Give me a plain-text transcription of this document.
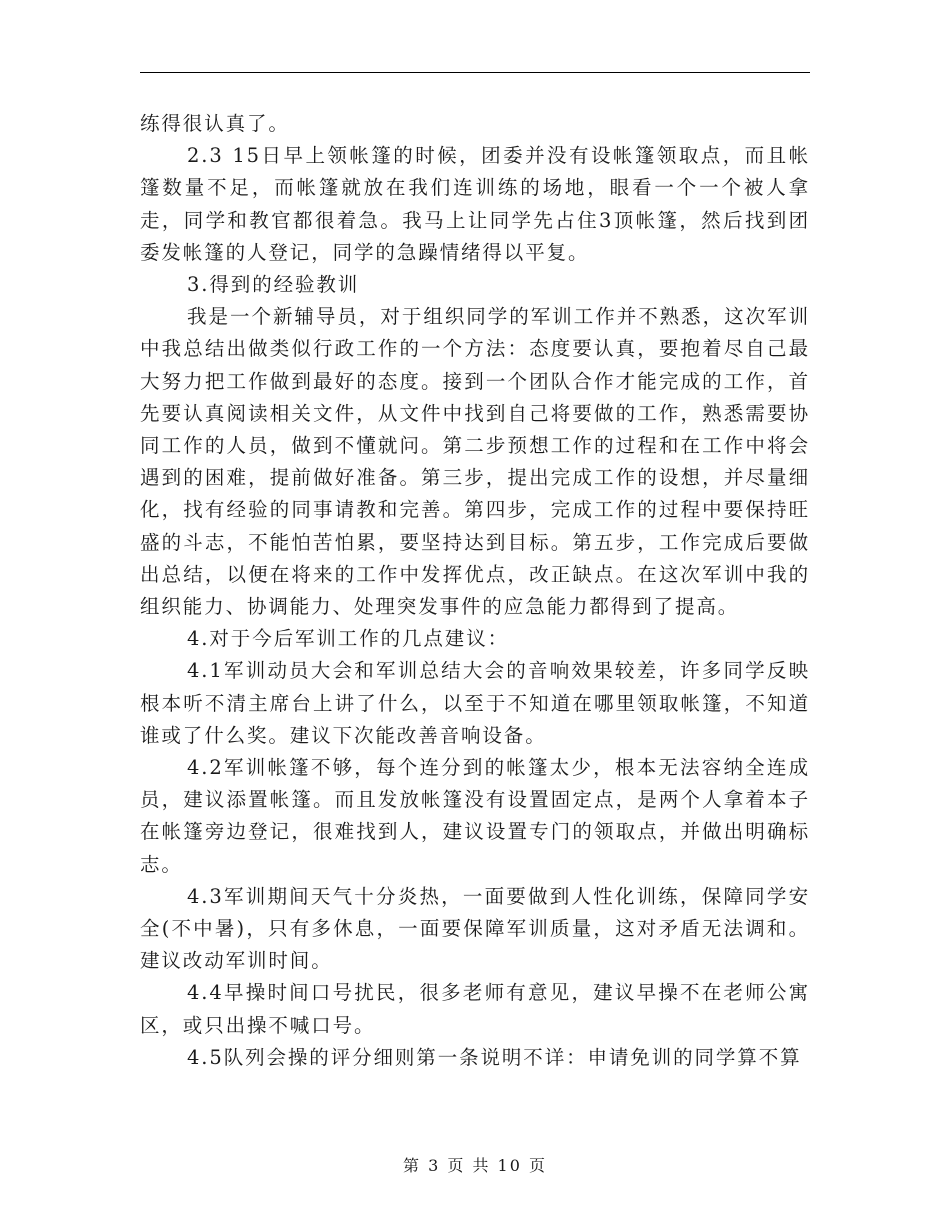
练得很认真了。

2.3 15日早上领帐篷的时候，团委并没有设帐篷领取点，而且帐篷数量不足，而帐篷就放在我们连训练的场地，眼看一个一个被人拿走，同学和教官都很着急。我马上让同学先占住3顶帐篷，然后找到团委发帐篷的人登记，同学的急躁情绪得以平复。

3.得到的经验教训

我是一个新辅导员，对于组织同学的军训工作并不熟悉，这次军训中我总结出做类似行政工作的一个方法：态度要认真，要抱着尽自己最大努力把工作做到最好的态度。接到一个团队合作才能完成的工作，首先要认真阅读相关文件，从文件中找到自己将要做的工作，熟悉需要协同工作的人员，做到不懂就问。第二步预想工作的过程和在工作中将会遇到的困难，提前做好准备。第三步，提出完成工作的设想，并尽量细化，找有经验的同事请教和完善。第四步，完成工作的过程中要保持旺盛的斗志，不能怕苦怕累，要坚持达到目标。第五步，工作完成后要做出总结，以便在将来的工作中发挥优点，改正缺点。在这次军训中我的组织能力、协调能力、处理突发事件的应急能力都得到了提高。

4.对于今后军训工作的几点建议：

4.1军训动员大会和军训总结大会的音响效果较差，许多同学反映根本听不清主席台上讲了什么，以至于不知道在哪里领取帐篷，不知道谁或了什么奖。建议下次能改善音响设备。

4.2军训帐篷不够，每个连分到的帐篷太少，根本无法容纳全连成员，建议添置帐篷。而且发放帐篷没有设置固定点，是两个人拿着本子在帐篷旁边登记，很难找到人，建议设置专门的领取点，并做出明确标志。

4.3军训期间天气十分炎热，一面要做到人性化训练，保障同学安全(不中暑)，只有多休息，一面要保障军训质量，这对矛盾无法调和。建议改动军训时间。

4.4早操时间口号扰民，很多老师有意见，建议早操不在老师公寓区，或只出操不喊口号。

4.5队列会操的评分细则第一条说明不详：申请免训的同学算不算

第 3 页 共 10 页
